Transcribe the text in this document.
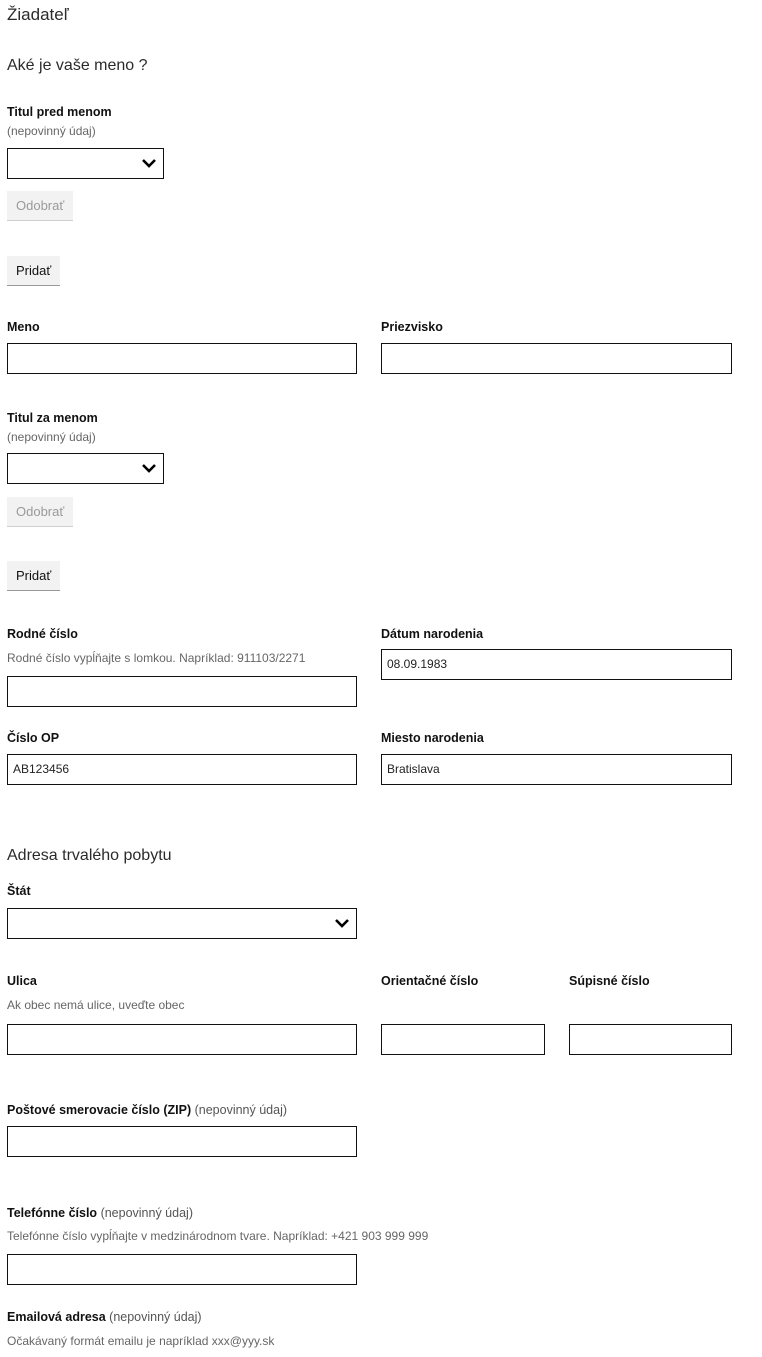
Žiadateľ
Aké je vaše meno ?
Titul pred menom
(nepovinný údaj)
Odobrať
Pridať
Meno	Priezvisko
Titul za menom
(nepovinný údaj)
Odobrať
Pridať
Rodné číslo
Rodné číslo vypĺňajte s lomkou. Napríklad: 911103/2271
Dátum narodenia
08.09.1983
Číslo OP
AB123456
Miesto narodenia
Bratislava
Adresa trvalého pobytu
Štát
Ulica
Ak obec nemá ulice, uveďte obec
Orientačné číslo	Súpisné číslo
Poštové smerovacie číslo (ZIP) (nepovinný údaj)
Telefónne číslo (nepovinný údaj)
Telefónne číslo vypĺňajte v medzinárodnom tvare. Napríklad: +421 903 999 999
Emailová adresa (nepovinný údaj)
Očakávaný formát emailu je napríklad xxx@yyy.sk
